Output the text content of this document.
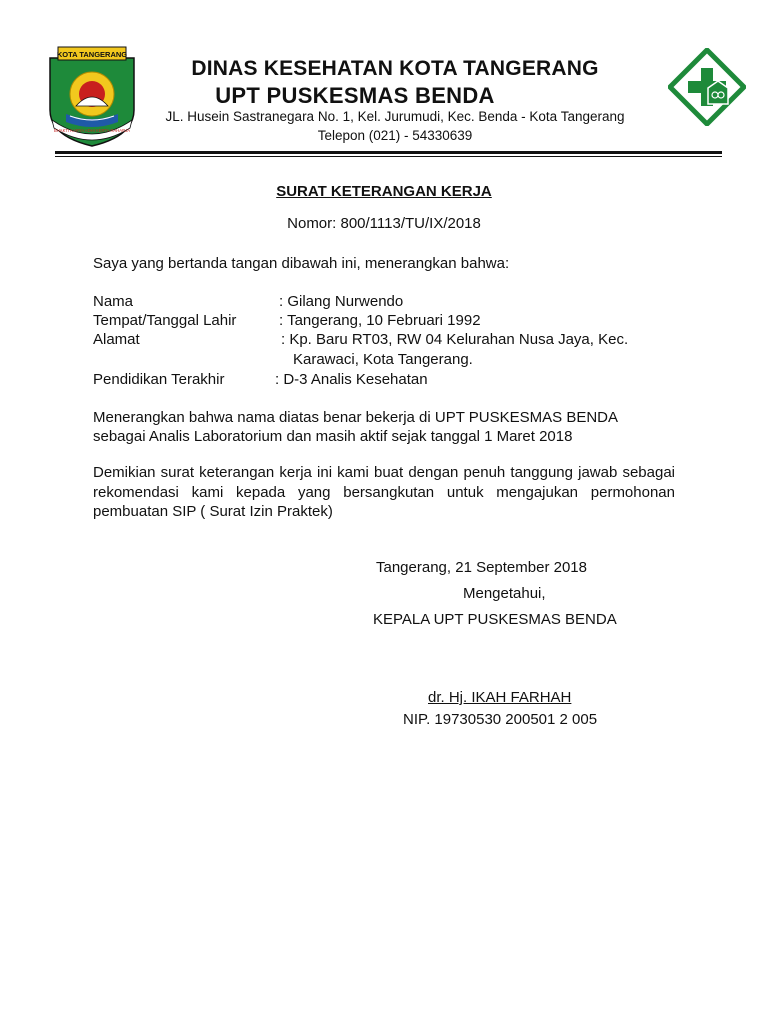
KOTA TANGERANG
BHAKTI KARYA ADHI KERTA RAHARJA
DINAS KESEHATAN KOTA TANGERANG
UPT PUSKESMAS BENDA
JL. Husein Sastranegara No. 1, Kel. Jurumudi, Kec. Benda - Kota Tangerang
Telepon (021) - 54330639
SURAT KETERANGAN KERJA
Nomor: 800/1113/TU/IX/2018
Saya yang bertanda tangan dibawah ini, menerangkan bahwa:
Nama	: Gilang Nurwendo
Tempat/Tanggal Lahir	: Tangerang, 10 Februari 1992
Alamat	: Kp. Baru RT03, RW 04 Kelurahan Nusa Jaya, Kec.
Karawaci, Kota Tangerang.
Pendidikan Terakhir	: D-3 Analis Kesehatan
Menerangkan bahwa nama diatas benar bekerja di UPT PUSKESMAS BENDA
sebagai Analis Laboratorium dan masih aktif sejak tanggal 1 Maret 2018
Demikian surat keterangan kerja ini kami buat dengan penuh tanggung jawab sebagai rekomendasi kami kepada yang bersangkutan untuk mengajukan permohonan pembuatan SIP ( Surat Izin Praktek)
Tangerang, 21 September 2018
Mengetahui,
KEPALA UPT PUSKESMAS BENDA
dr. Hj. IKAH FARHAH
NIP. 19730530 200501 2 005
